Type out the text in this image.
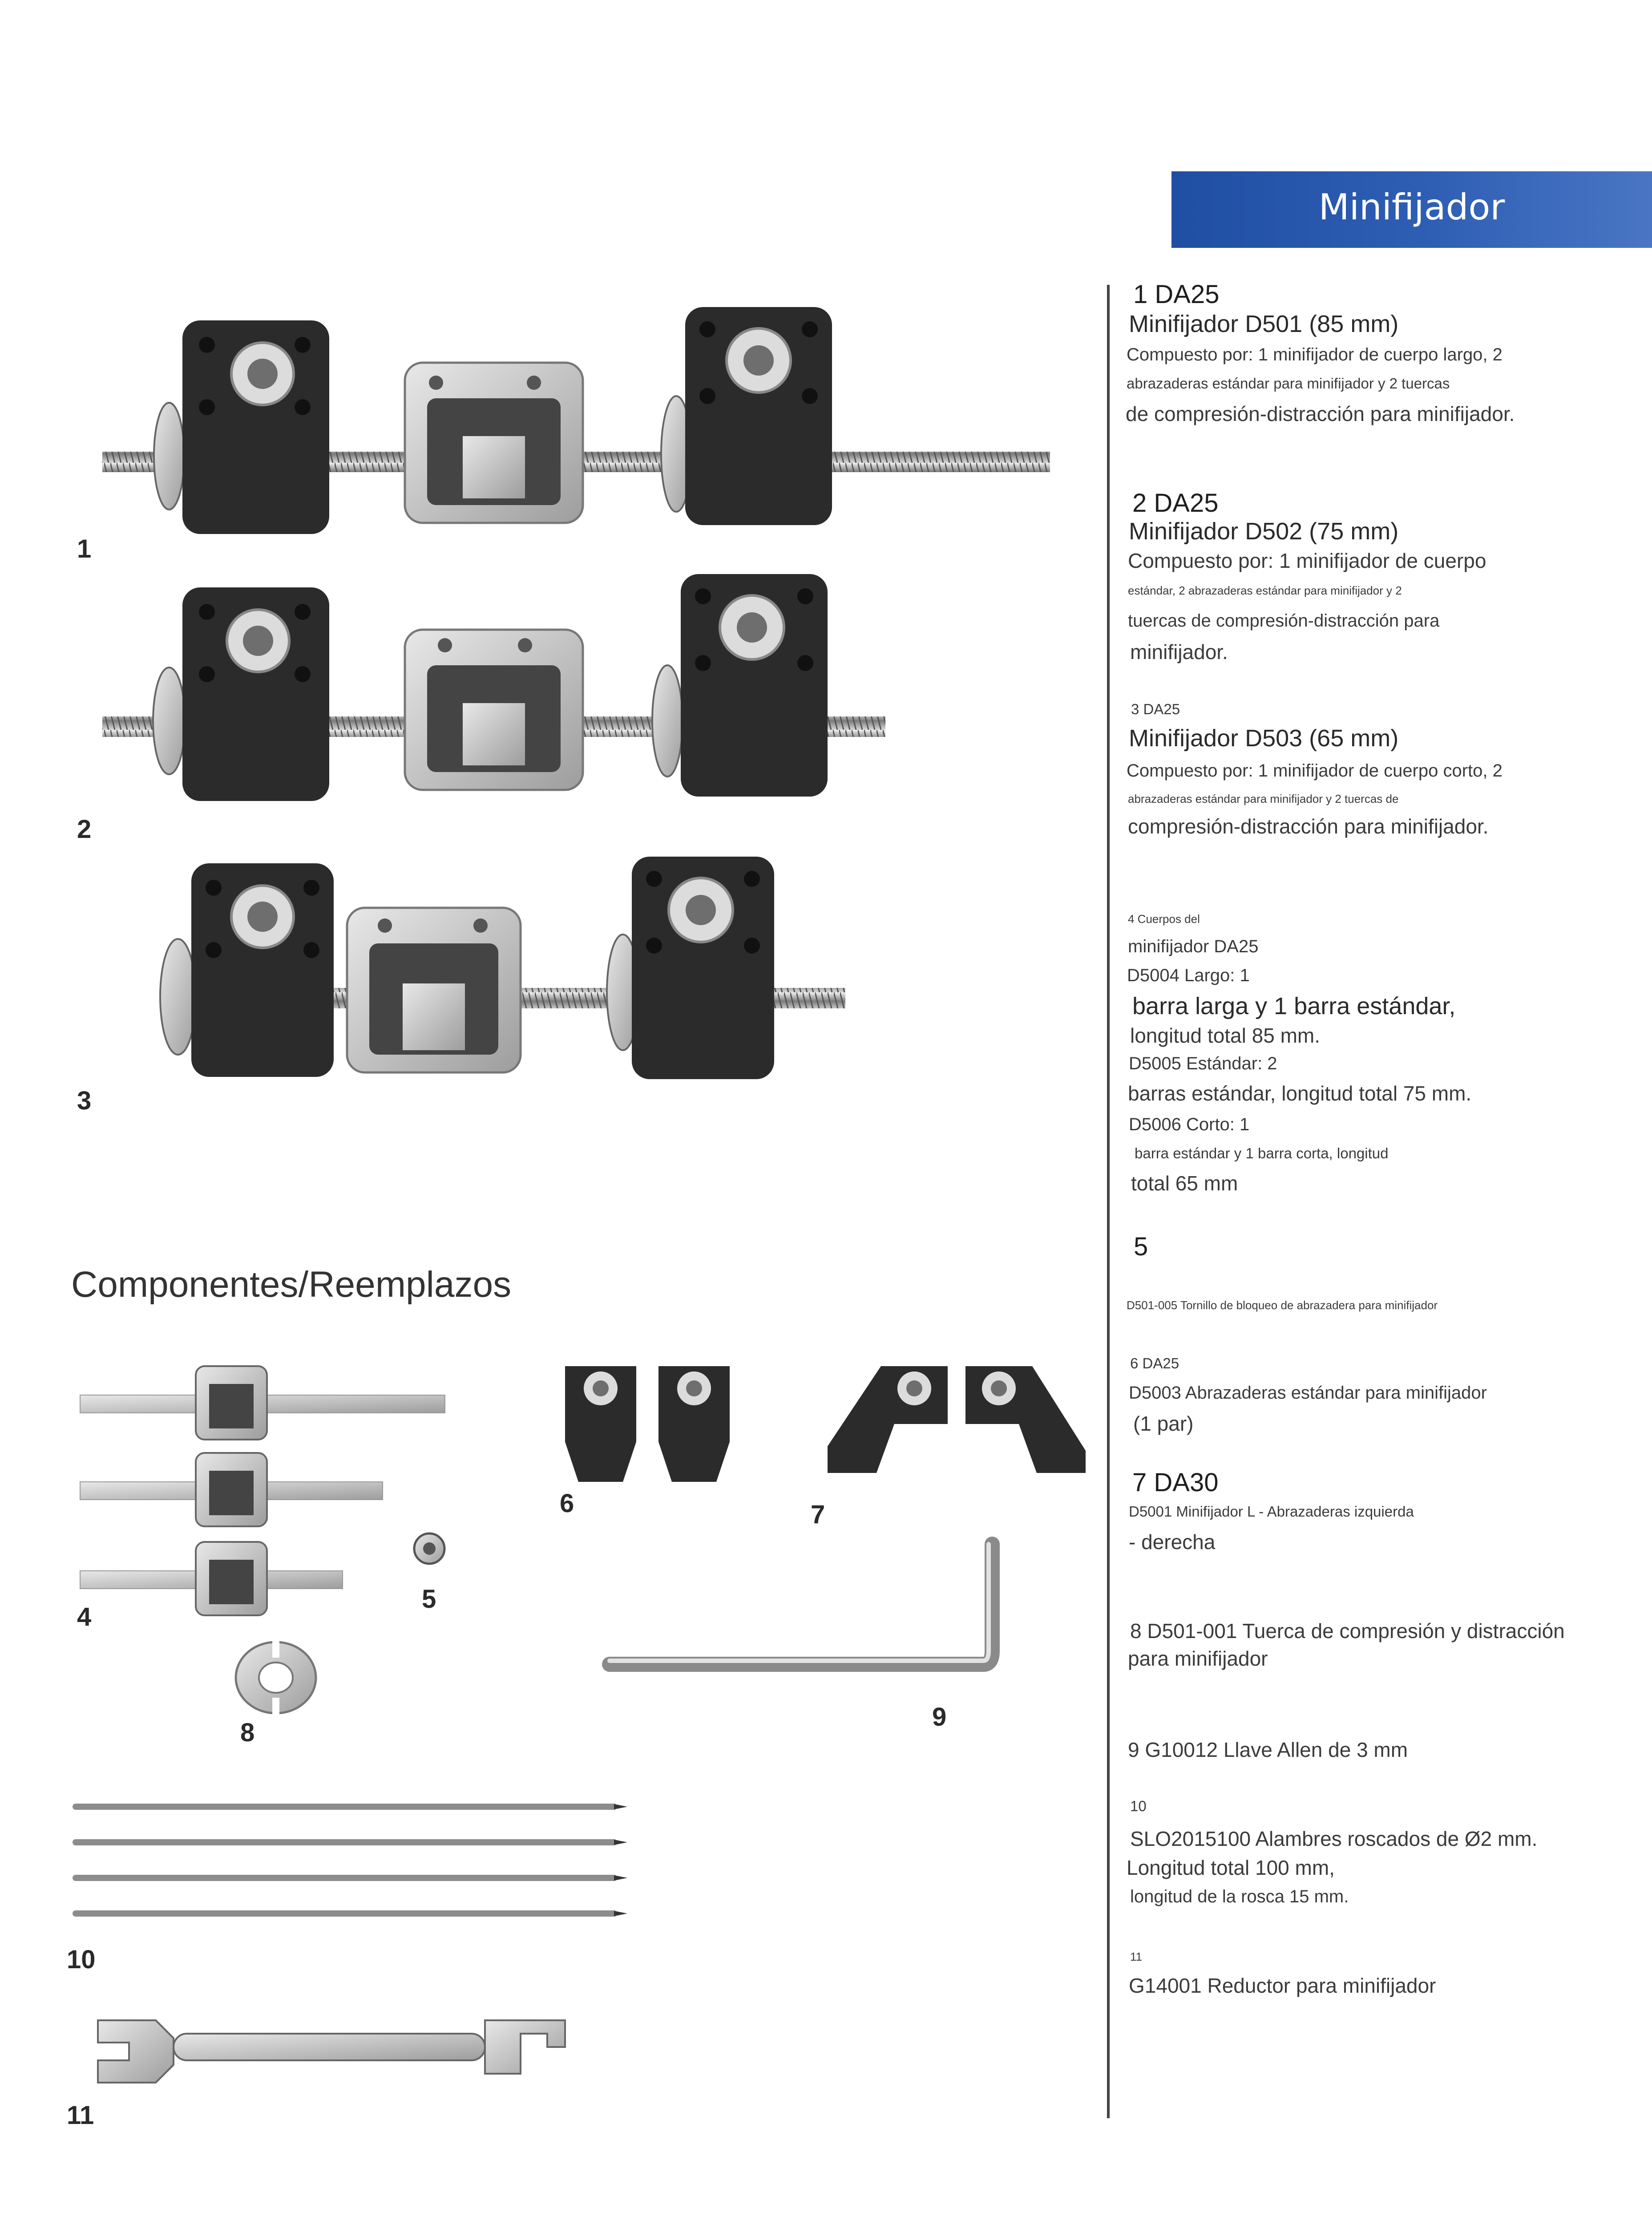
Minifijador
1
2
3
Componentes/Reemplazos
4
5
6	7
8
9
10
11
1 DA25
Minifijador D501 (85 mm)
Compuesto por: 1 minifijador de cuerpo largo, 2
abrazaderas estándar para minifijador y 2 tuercas
de compresión-distracción para minifijador.
2 DA25
Minifijador D502 (75 mm)
Compuesto por: 1 minifijador de cuerpo
estándar, 2 abrazaderas estándar para minifijador y 2
tuercas de compresión-distracción para
minifijador.
3 DA25
Minifijador D503 (65 mm)
Compuesto por: 1 minifijador de cuerpo corto, 2
abrazaderas estándar para minifijador y 2 tuercas de
compresión-distracción para minifijador.
4 Cuerpos del
minifijador DA25
D5004 Largo: 1
barra larga y 1 barra estándar,
longitud total 85 mm.
D5005 Estándar: 2
barras estándar, longitud total 75 mm.
D5006 Corto: 1
barra estándar y 1 barra corta, longitud
total 65 mm
5
D501-005 Tornillo de bloqueo de abrazadera para minifijador
6 DA25
D5003 Abrazaderas estándar para minifijador
(1 par)
7 DA30
D5001 Minifijador L - Abrazaderas izquierda
- derecha
8 D501-001 Tuerca de compresión y distracción
para minifijador
9 G10012 Llave Allen de 3 mm
10
SLO2015100 Alambres roscados de Ø2 mm.
Longitud total 100 mm,
longitud de la rosca 15 mm.
11
G14001 Reductor para minifijador
